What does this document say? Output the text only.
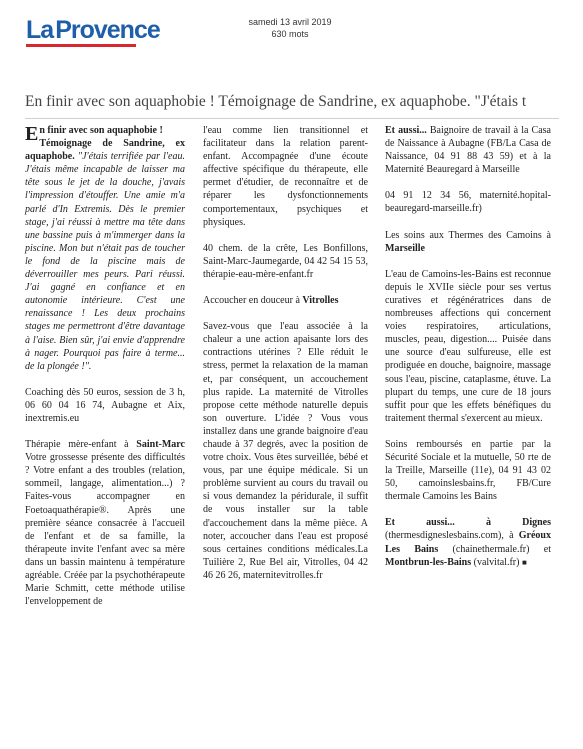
LaProvence	samedi 13 avril 2019
630 mots
En finir avec son aquaphobie ! Témoignage de Sandrine, ex aquaphobe. "J'étais t

En finir avec son aquaphobie !
Témoignage de Sandrine, ex aquaphobe. "J'étais terrifiée par l'eau. J'étais même incapable de laisser ma tête sous le jet de la douche, j'avais l'impression d'étouffer. Une amie m'a parlé d'In Extremis. Dès le premier stage, j'ai réussi à mettre ma tête dans une bassine puis à m'immerger dans la piscine. Mon but n'était pas de toucher le fond de la piscine mais de déverrouiller mes peurs. Pari réussi. J'ai gagné en confiance et en autonomie intérieure. C'est une renaissance ! Les deux prochains stages me permettront d'être davantage à l'aise. Bien sûr, j'ai envie d'apprendre à nager. Pourquoi pas faire à terme... de la plongée !".

Coaching dès 50 euros, session de 3 h, 06 60 04 16 74, Aubagne et Aix, inextremis.eu

Thérapie mère-enfant à Saint-Marc Votre grossesse présente des difficultés ? Votre enfant a des troubles (relation, sommeil, langage, alimentation...) ? Faites-vous accompagner en Foetoaquathérapie®. Après une première séance consacrée à l'accueil de l'enfant et de sa famille, la thérapeute invite l'enfant avec sa mère dans un bassin maintenu à température agréable. Créée par la psychothérapeute Marie Schmitt, cette méthode utilise l'enveloppement de

l'eau comme lien transitionnel et facilitateur dans la relation parent-enfant. Accompagnée d'une écoute affective spécifique du thérapeute, elle permet d'étudier, de reconnaître et de réparer les dysfonctionnements comportementaux, psychiques et physiques.

40 chem. de la crête, Les Bonfillons, Saint-Marc-Jaumegarde, 04 42 54 15 53, thérapie-eau-mère-enfant.fr

Accoucher en douceur à Vitrolles

Savez-vous que l'eau associée à la chaleur a une action apaisante lors des contractions utérines ? Elle réduit le stress, permet la relaxation de la maman et, par conséquent, un accouchement plus rapide. La maternité de Vitrolles propose cette méthode naturelle depuis son ouverture. L'idée ? Vous vous installez dans une grande baignoire d'eau chaude à 37 degrés, avec la position de votre choix. Vous êtes surveillée, bébé et vous, par une équipe médicale. Si un problème survient au cours du travail ou si vous demandez la péridurale, il suffit de vous installer sur la table d'accouchement dans la même pièce. A noter, accoucher dans l'eau est proposé sous certaines conditions médicales.La Tuilière 2, Rue Bel air, Vitrolles, 04 42 46 26 26, maternitevitrolles.fr

Et aussi... Baignoire de travail à la Casa de Naissance à Aubagne (FB/La Casa de Naissance, 04 91 88 43 59) et à la Maternité Beauregard à Marseille

04 91 12 34 56, maternité.hopital-beauregard-marseille.fr)

Les soins aux Thermes des Camoins à Marseille

L'eau de Camoins-les-Bains est reconnue depuis le XVIIe siècle pour ses vertus curatives et régénératrices dans de nombreuses affections qui concernent voies respiratoires, articulations, muscles, peau, digestion.... Puisée dans une source d'eau sulfureuse, elle est prodiguée en douche, baignoire, massage sous l'eau, piscine, cataplasme, étuve. La plupart du temps, une cure de 18 jours suffit pour que les effets bénéfiques du traitement thermal s'exercent au mieux.

Soins remboursés en partie par la Sécurité Sociale et la mutuelle, 50 rte de la Treille, Marseille (11e), 04 91 43 02 50, camoinslesbains.fr, FB/Cure thermale Camoins les Bains

Et aussi... à Dignes (thermesdigneslesbains.com), à Gréoux Les Bains (chainethermale.fr) et Montbrun-les-Bains (valvital.fr) ■
